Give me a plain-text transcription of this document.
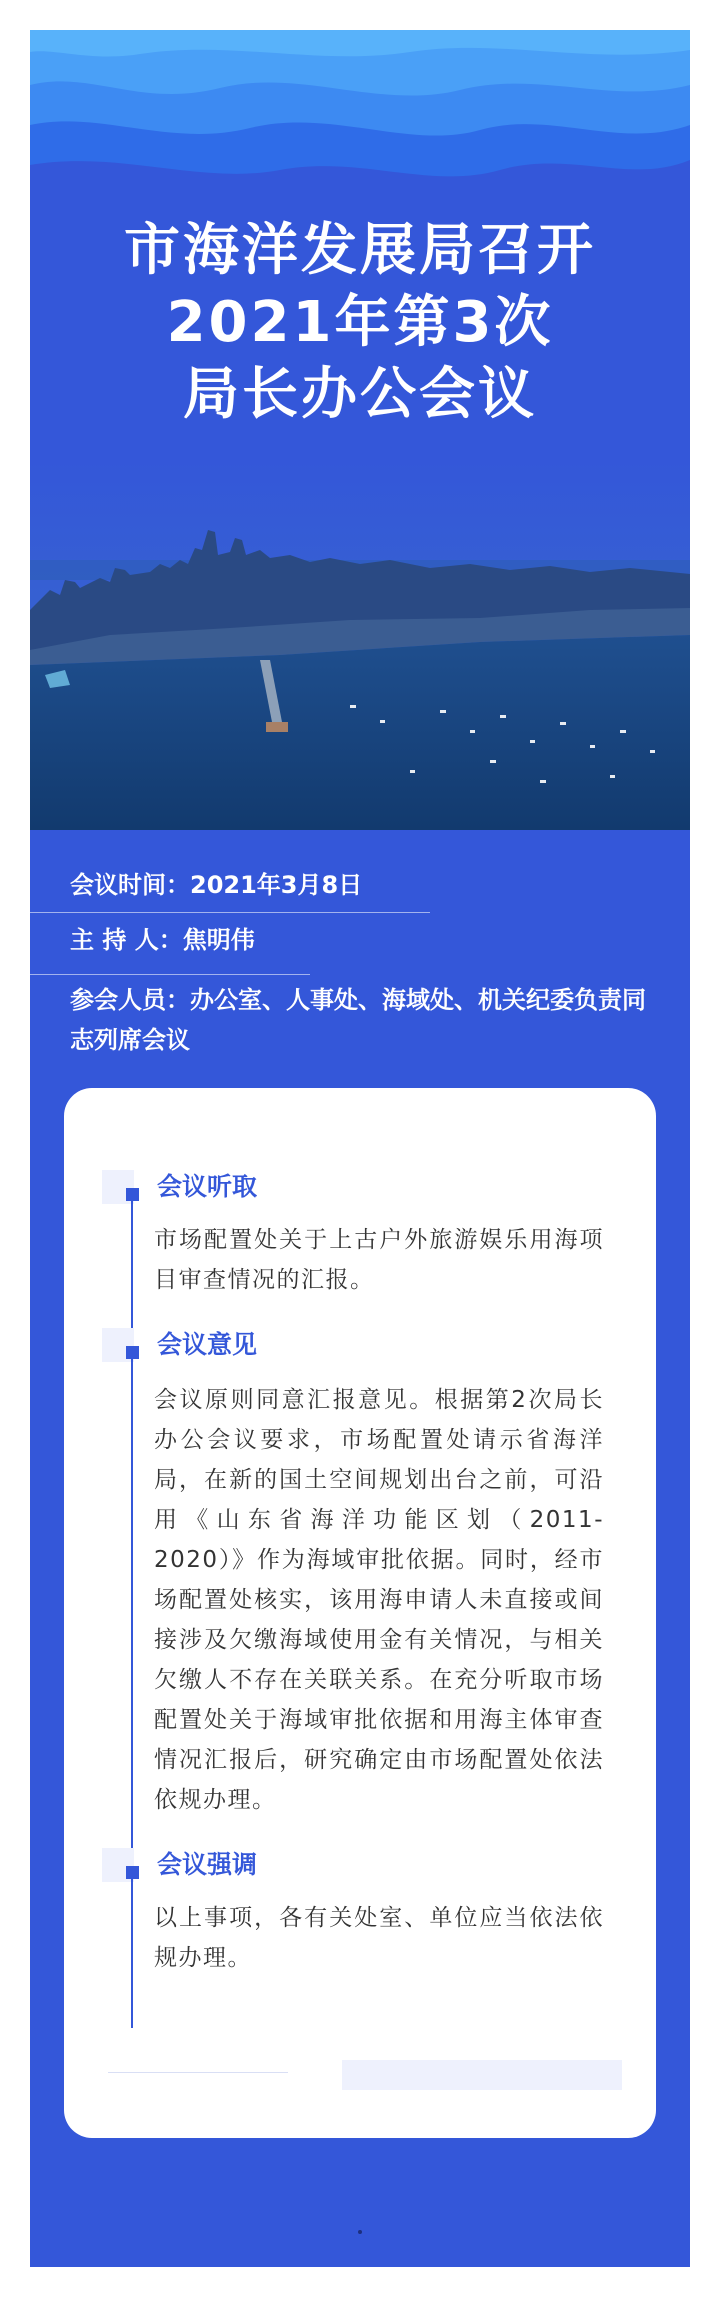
市海洋发展局召开
2021年第3次
局长办公会议
会议时间：2021年3月8日
主 持 人：焦明伟
参会人员：办公室、人事处、海域处、机关纪委负责同志列席会议
会议听取
市场配置处关于上古户外旅游娱乐用海项目审查情况的汇报。
会议意见
会议原则同意汇报意见。根据第2次局长办公会议要求，市场配置处请示省海洋局，在新的国土空间规划出台之前，可沿用《山东省海洋功能区划（2011-2020）》作为海域审批依据。同时，经市场配置处核实，该用海申请人未直接或间接涉及欠缴海域使用金有关情况，与相关欠缴人不存在关联关系。在充分听取市场配置处关于海域审批依据和用海主体审查情况汇报后，研究确定由市场配置处依法依规办理。
会议强调
以上事项，各有关处室、单位应当依法依规办理。
